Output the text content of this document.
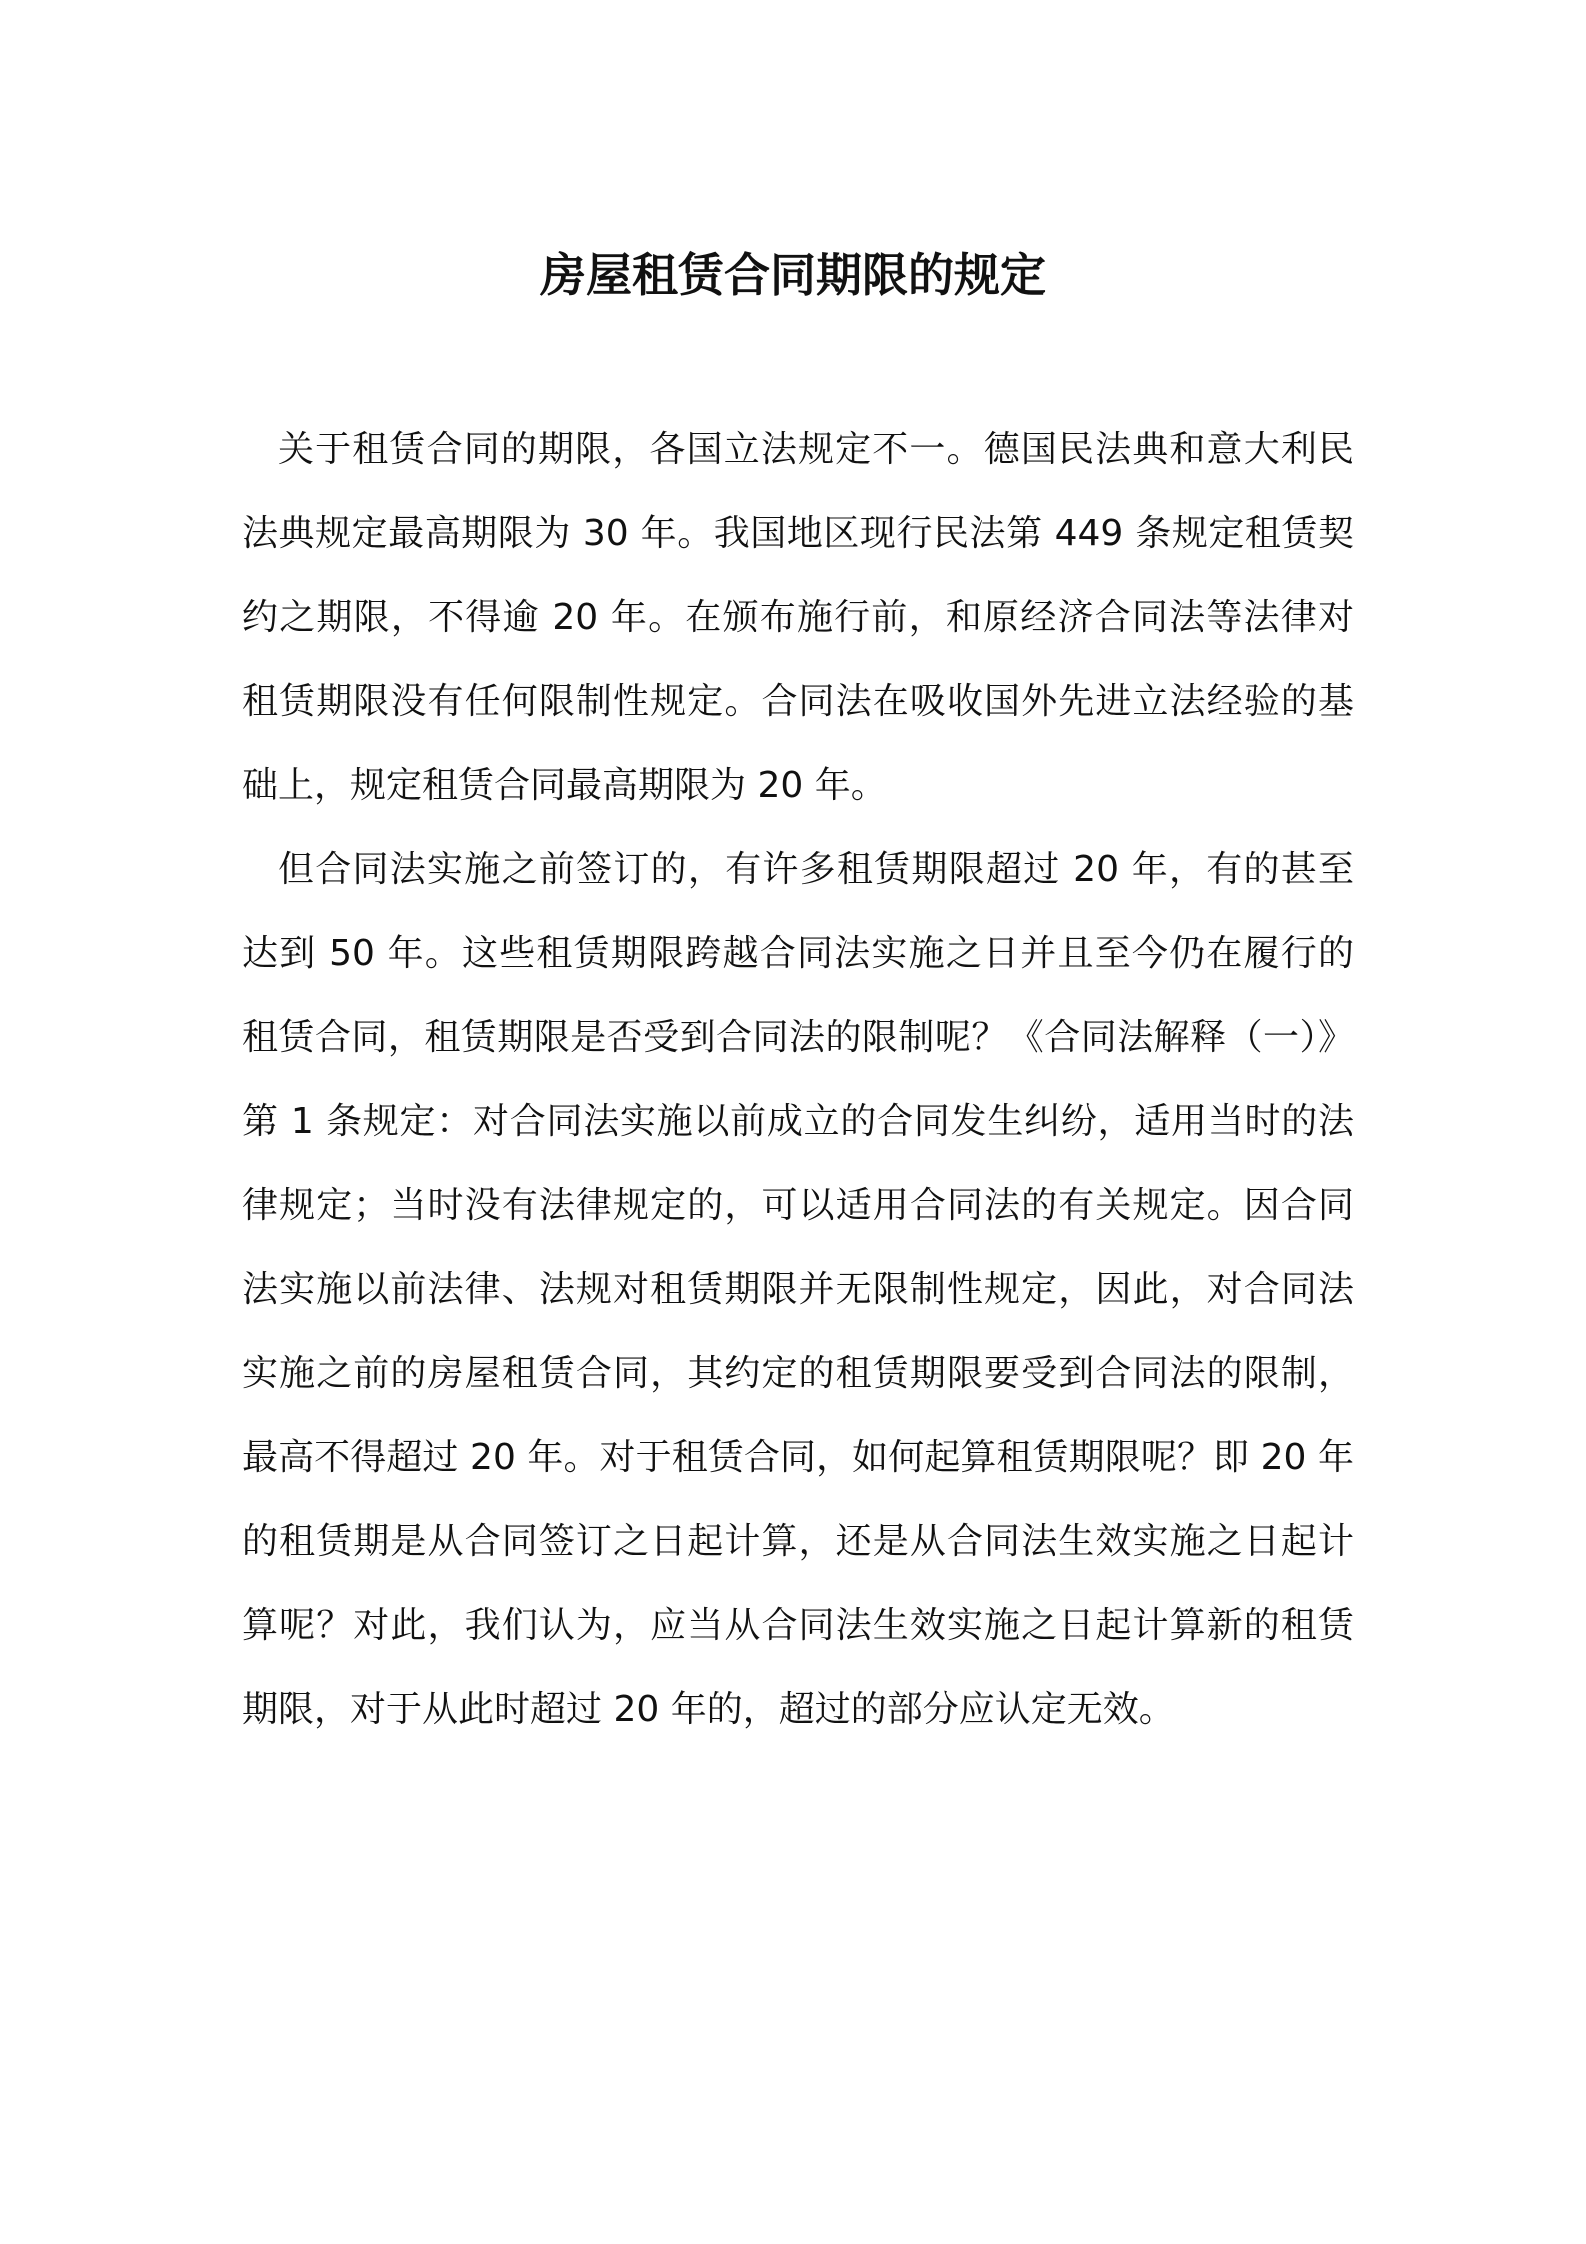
房屋租赁合同期限的规定

关于租赁合同的期限，各国立法规定不一。德国民法典和意大利民法典规定最高期限为 30 年。我国地区现行民法第 449 条规定租赁契约之期限，不得逾 20 年。在颁布施行前，和原经济合同法等法律对租赁期限没有任何限制性规定。合同法在吸收国外先进立法经验的基础上，规定租赁合同最高期限为 20 年。

但合同法实施之前签订的，有许多租赁期限超过 20 年，有的甚至达到 50 年。这些租赁期限跨越合同法实施之日并且至今仍在履行的租赁合同，租赁期限是否受到合同法的限制呢？《合同法解释（一）》第 1 条规定：对合同法实施以前成立的合同发生纠纷，适用当时的法律规定；当时没有法律规定的，可以适用合同法的有关规定。因合同法实施以前法律、法规对租赁期限并无限制性规定，因此，对合同法实施之前的房屋租赁合同，其约定的租赁期限要受到合同法的限制，最高不得超过 20 年。对于租赁合同，如何起算租赁期限呢？即 20 年的租赁期是从合同签订之日起计算，还是从合同法生效实施之日起计算呢？对此，我们认为，应当从合同法生效实施之日起计算新的租赁期限，对于从此时超过 20 年的，超过的部分应认定无效。
